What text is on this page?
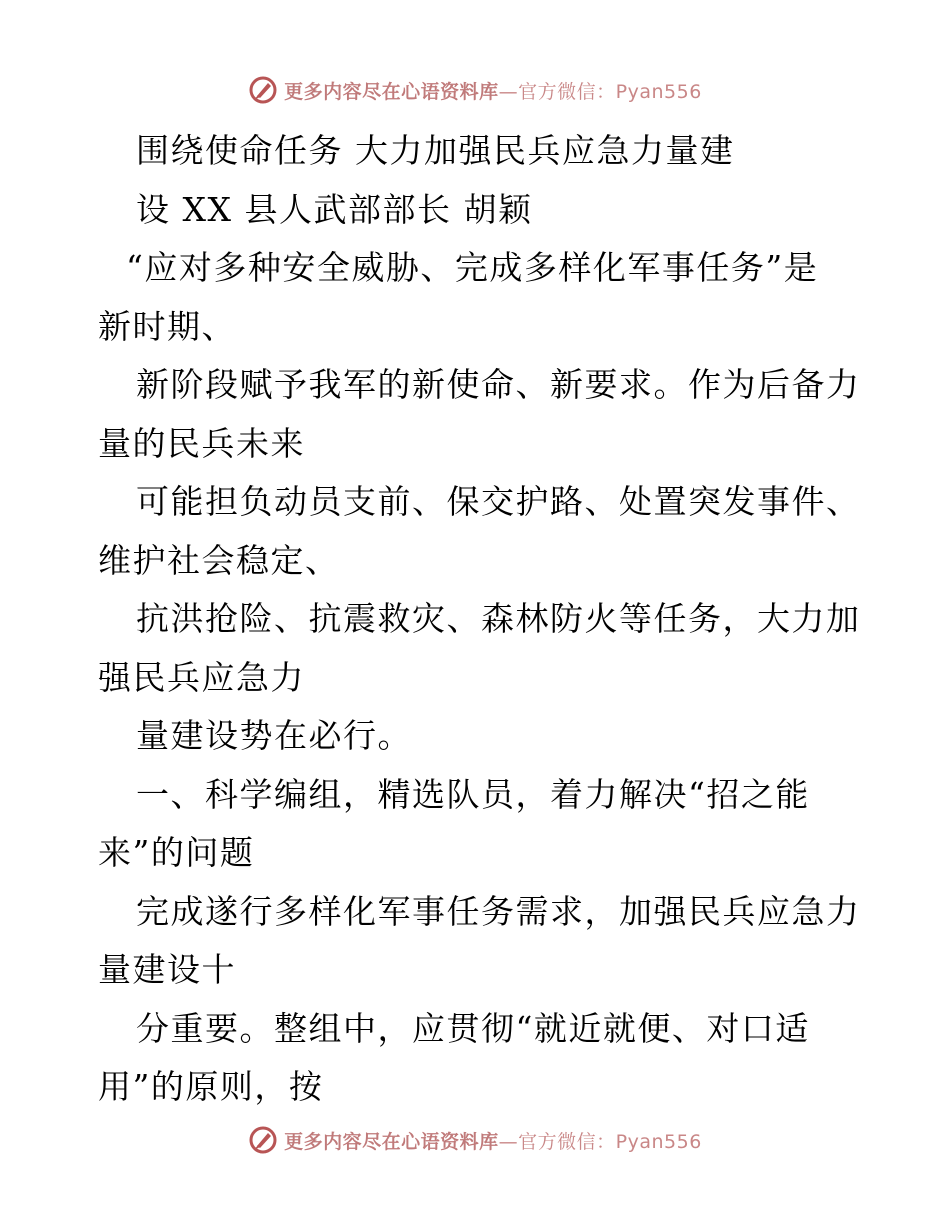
更多内容尽在心语资料库—官方微信：Pyan556
围绕使命任务 大力加强民兵应急力量建
设 XX 县人武部部长 胡颖
“应对多种安全威胁、完成多样化军事任务”是
新时期、
新阶段赋予我军的新使命、新要求。作为后备力
量的民兵未来
可能担负动员支前、保交护路、处置突发事件、
维护社会稳定、
抗洪抢险、抗震救灾、森林防火等任务，大力加
强民兵应急力
量建设势在必行。
一、科学编组，精选队员，着力解决“招之能
来”的问题
完成遂行多样化军事任务需求，加强民兵应急力
量建设十
分重要。整组中，应贯彻“就近就便、对口适
用”的原则，按
更多内容尽在心语资料库—官方微信：Pyan556
